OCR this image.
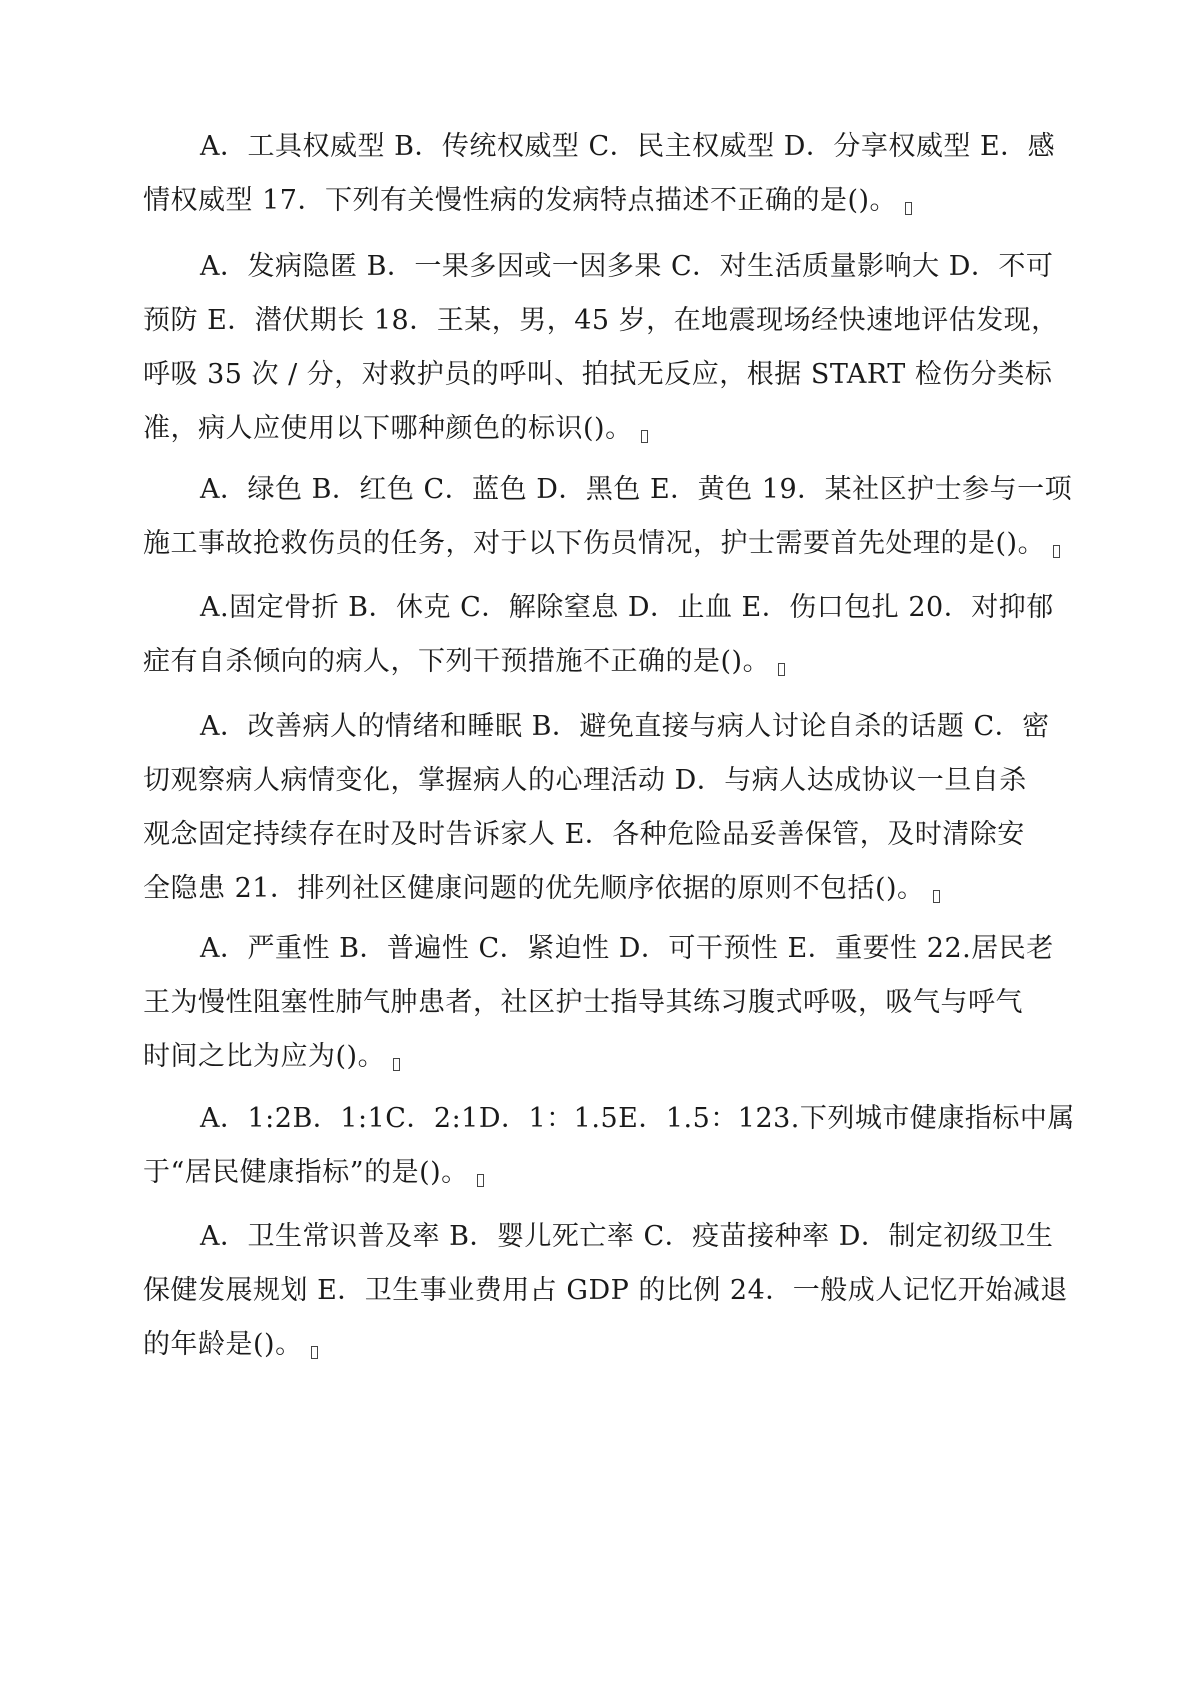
A．工具权威型 B．传统权威型 C．民主权威型 D．分享权威型 E．感
情权威型 17．下列有关慢性病的发病特点描述不正确的是()。
A．发病隐匿 B．一果多因或一因多果 C．对生活质量影响大 D．不可
预防 E．潜伏期长 18．王某，男，45 岁，在地震现场经快速地评估发现，
呼吸 35 次 / 分，对救护员的呼叫、拍拭无反应，根据 START 检伤分类标
准，病人应使用以下哪种颜色的标识()。
A．绿色 B．红色 C．蓝色 D．黑色 E．黄色 19．某社区护士参与一项
施工事故抢救伤员的任务，对于以下伤员情况，护士需要首先处理的是()。
A.固定骨折 B．休克 C．解除窒息 D．止血 E．伤口包扎 20．对抑郁
症有自杀倾向的病人，下列干预措施不正确的是()。
A．改善病人的情绪和睡眠 B．避免直接与病人讨论自杀的话题 C．密
切观察病人病情变化，掌握病人的心理活动 D．与病人达成协议一旦自杀
观念固定持续存在时及时告诉家人 E．各种危险品妥善保管，及时清除安
全隐患 21．排列社区健康问题的优先顺序依据的原则不包括()。
A．严重性 B．普遍性 C．紧迫性 D．可干预性 E．重要性 22.居民老
王为慢性阻塞性肺气肿患者，社区护士指导其练习腹式呼吸，吸气与呼气
时间之比为应为()。
A．1:2B．1:1C．2:1D．1：1.5E．1.5：123.下列城市健康指标中属
于“居民健康指标”的是()。
A．卫生常识普及率 B．婴儿死亡率 C．疫苗接种率 D．制定初级卫生
保健发展规划 E．卫生事业费用占 GDP 的比例 24．一般成人记忆开始减退
的年龄是()。
